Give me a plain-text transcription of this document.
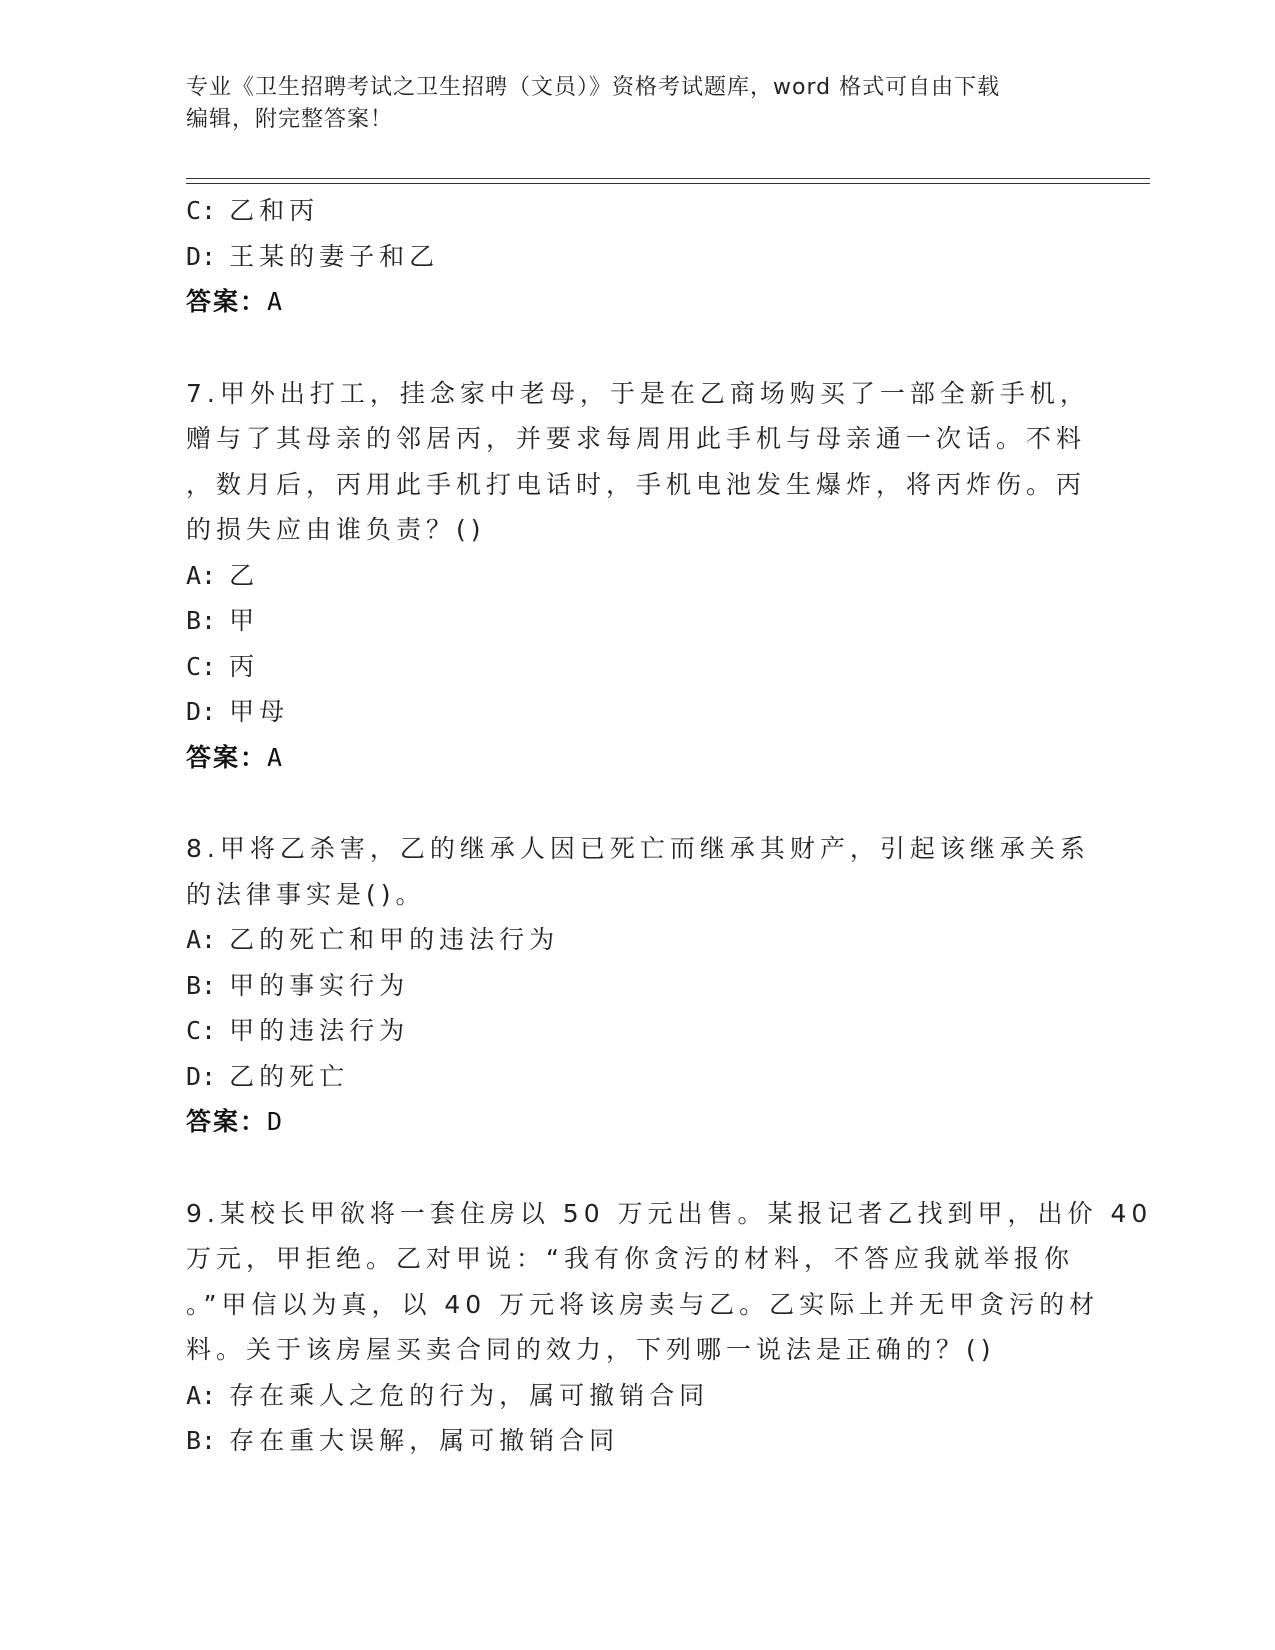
专业《卫生招聘考试之卫生招聘（文员）》资格考试题库，word 格式可自由下载
编辑，附完整答案！
C: 乙和丙
D: 王某的妻子和乙
答案：A
7.甲外出打工，挂念家中老母，于是在乙商场购买了一部全新手机，
赠与了其母亲的邻居丙，并要求每周用此手机与母亲通一次话。不料
，数月后，丙用此手机打电话时，手机电池发生爆炸，将丙炸伤。丙
的损失应由谁负责？()
A: 乙
B: 甲
C: 丙
D: 甲母
答案：A
8.甲将乙杀害，乙的继承人因已死亡而继承其财产，引起该继承关系
的法律事实是()。
A: 乙的死亡和甲的违法行为
B: 甲的事实行为
C: 甲的违法行为
D: 乙的死亡
答案：D
9.某校长甲欲将一套住房以 50 万元出售。某报记者乙找到甲，出价 40
万元，甲拒绝。乙对甲说：“我有你贪污的材料，不答应我就举报你
。”甲信以为真，以 40 万元将该房卖与乙。乙实际上并无甲贪污的材
料。关于该房屋买卖合同的效力，下列哪一说法是正确的？()
A: 存在乘人之危的行为，属可撤销合同
B: 存在重大误解，属可撤销合同
